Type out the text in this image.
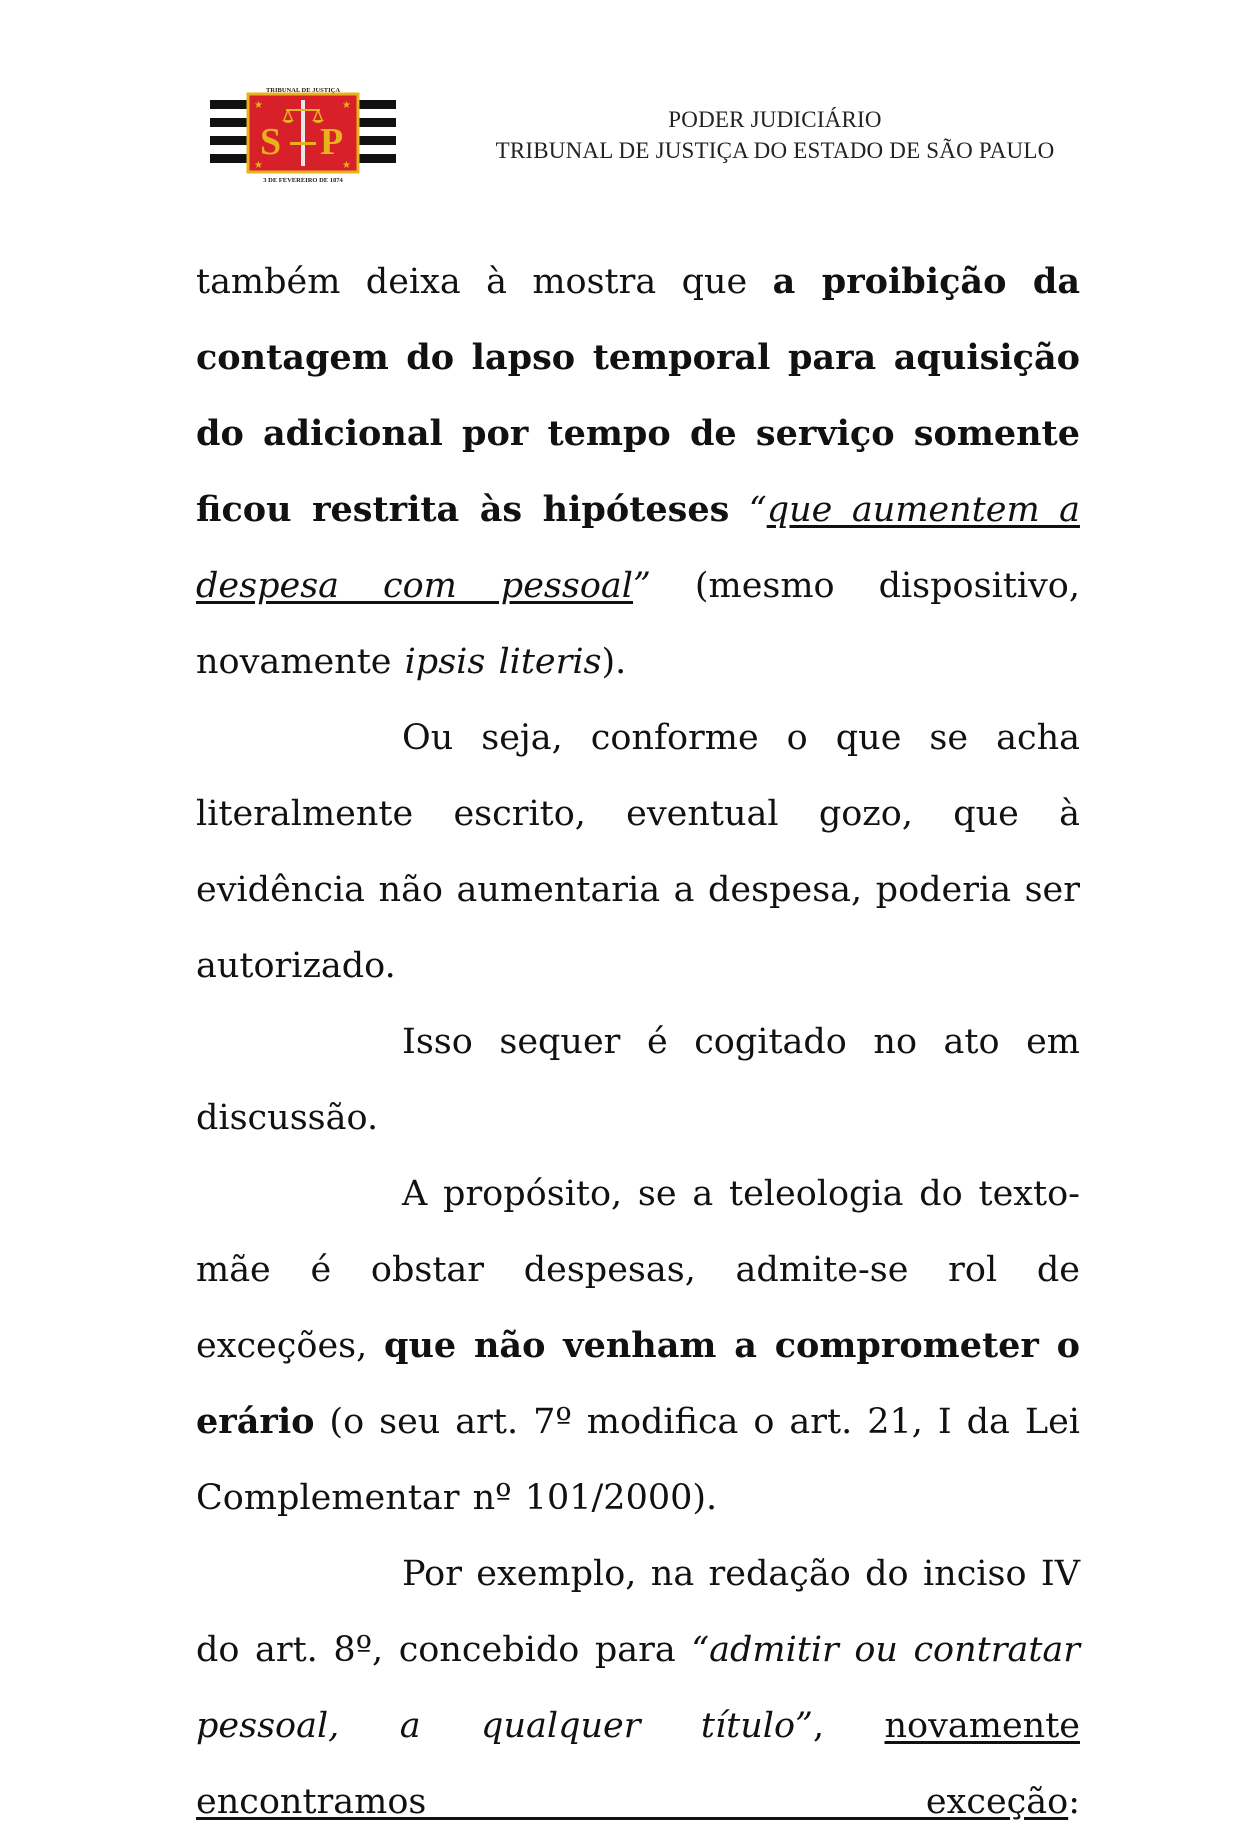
★	★
★	★
S P
TRIBUNAL DE JUSTIÇA
3 DE FEVEREIRO DE 1874
PODER JUDICIÁRIO
TRIBUNAL DE JUSTIÇA DO ESTADO DE SÃO PAULO

também deixa à mostra que a proibição da contagem do lapso temporal para aquisição do adicional por tempo de serviço somente ficou restrita às hipóteses “que aumentem a despesa com pessoal” (mesmo dispositivo, novamente ipsis literis).

Ou seja, conforme o que se acha literalmente escrito, eventual gozo, que à evidência não aumentaria a despesa, poderia ser autorizado.

Isso sequer é cogitado no ato em discussão.

A propósito, se a teleologia do texto-mãe é obstar despesas, admite-se rol de exceções, que não venham a comprometer o erário (o seu art. 7º modifica o art. 21, I da Lei Complementar nº 101/2000).

Por exemplo, na redação do inciso IV do art. 8º, concebido para “admitir ou contratar pessoal, a qualquer título”, novamente encontramos exceção:
